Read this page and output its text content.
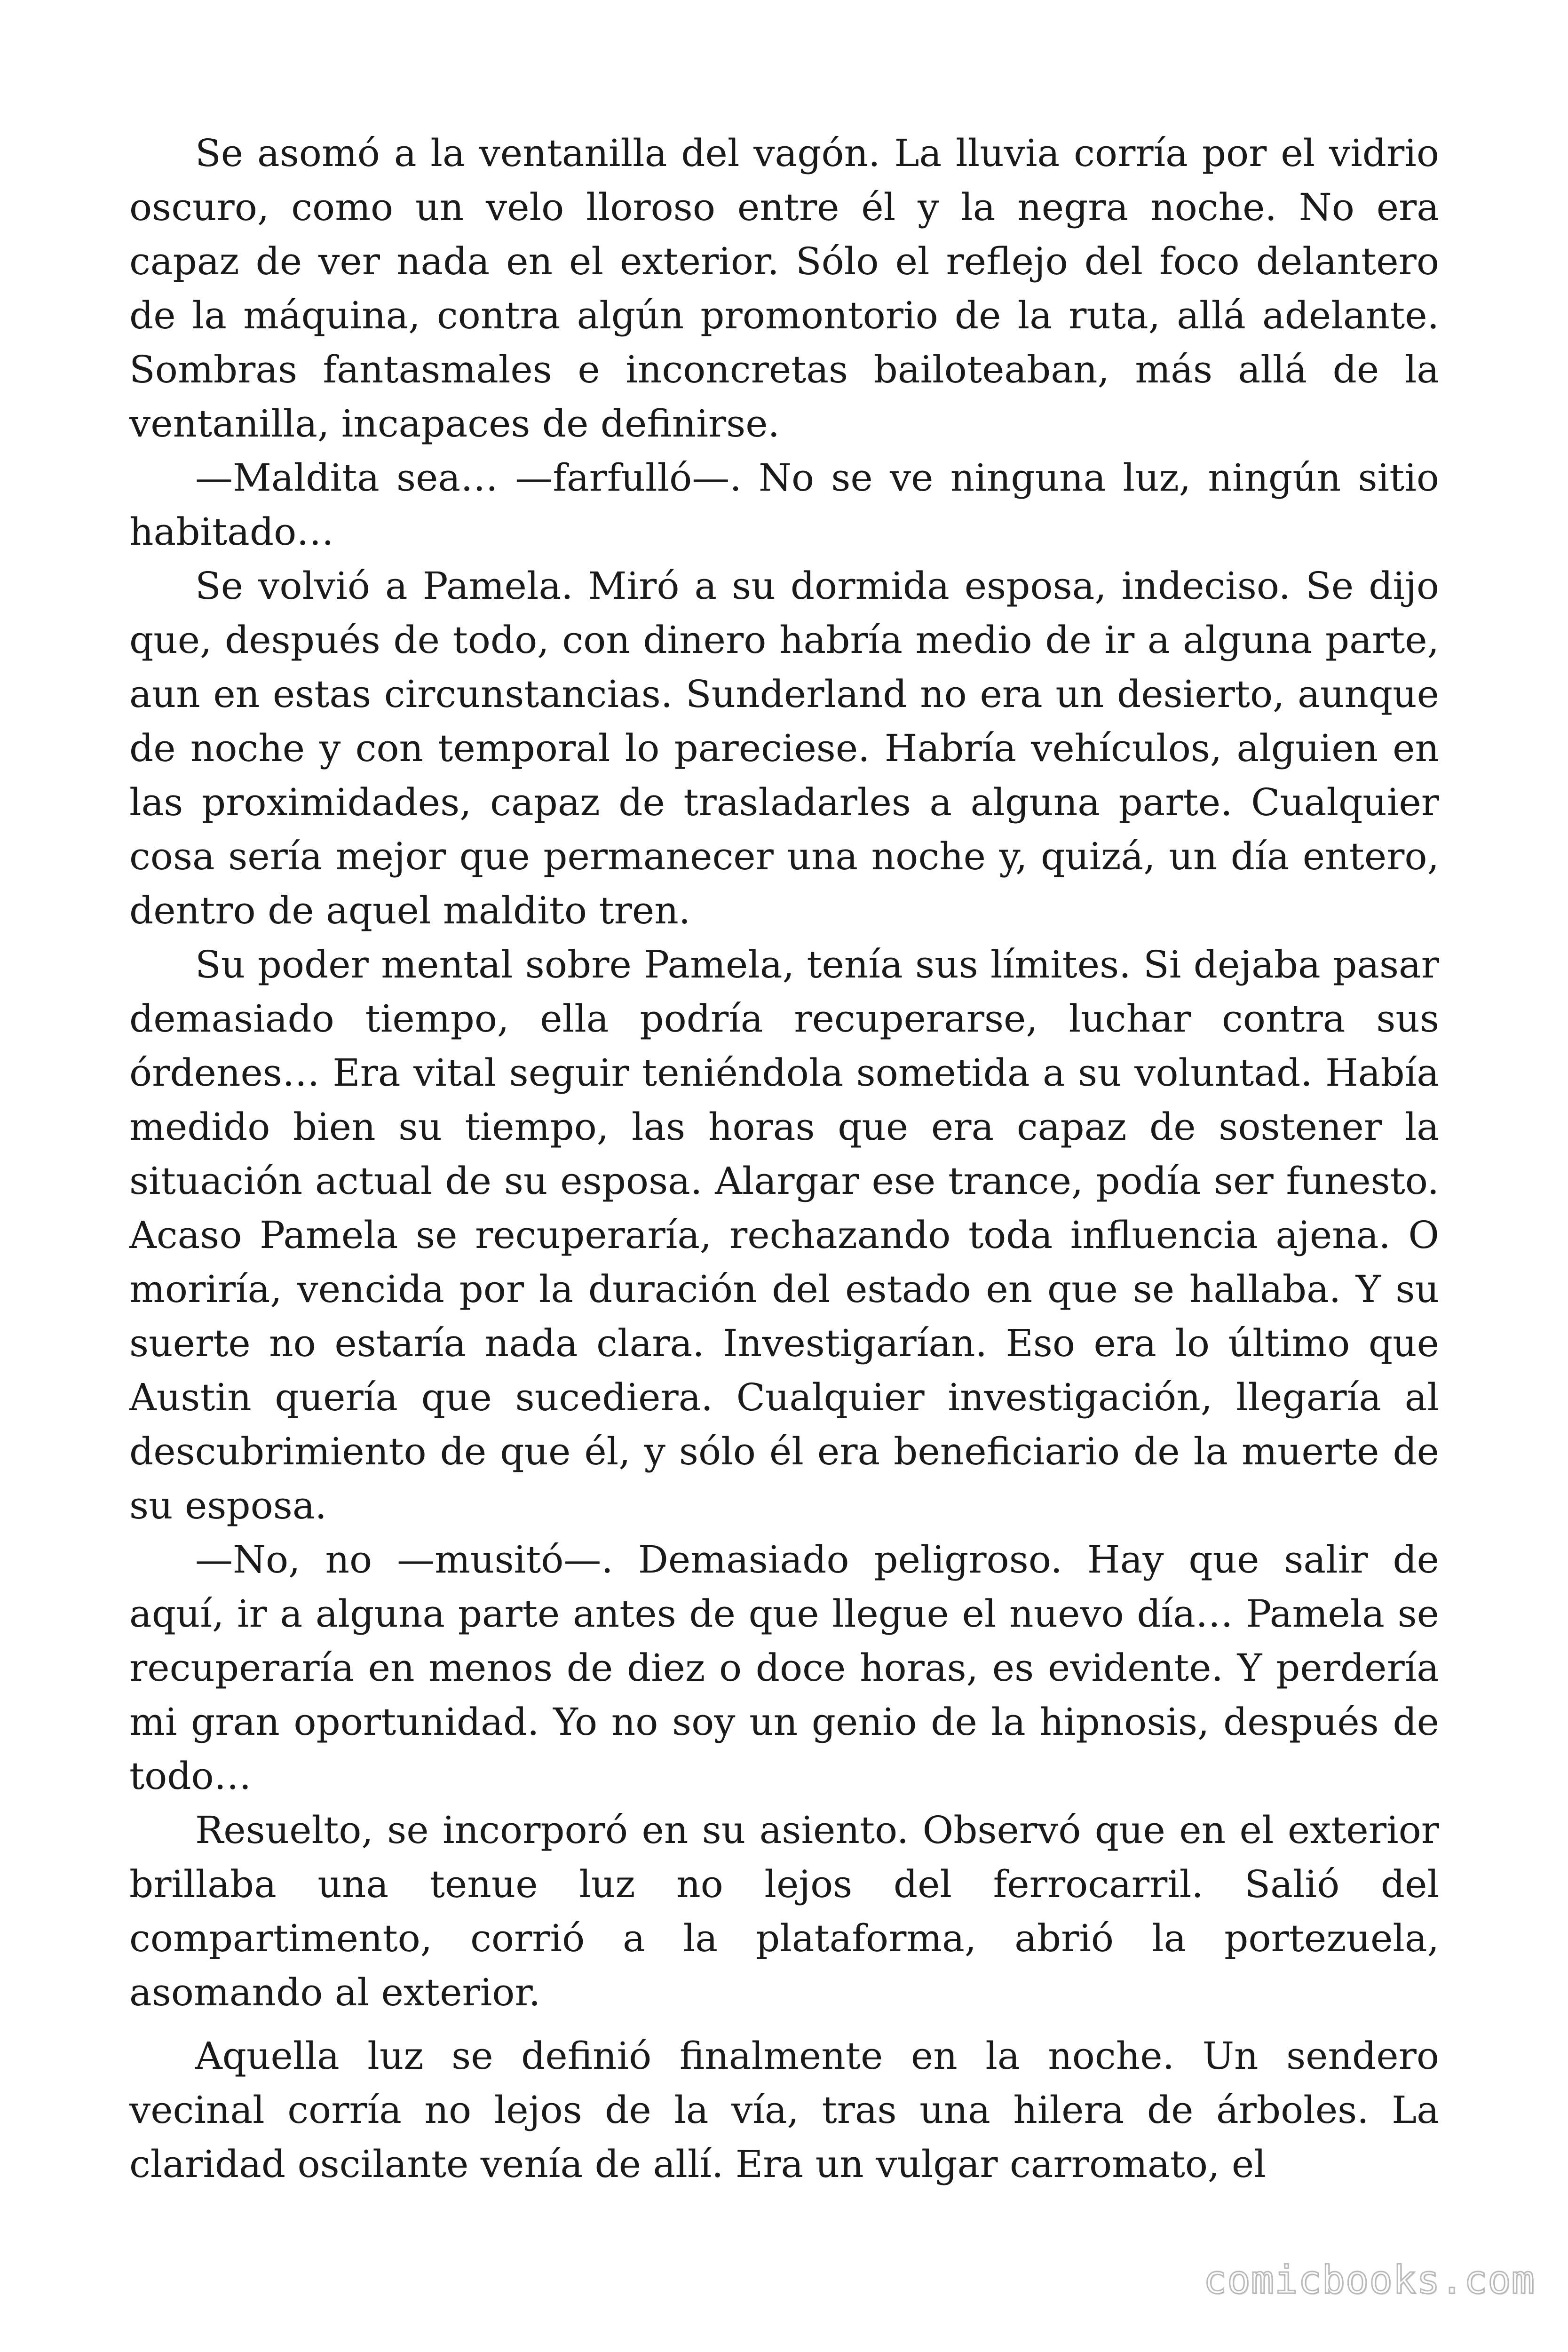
Se asomó a la ventanilla del vagón. La lluvia corría por el vidrio oscuro, como un velo lloroso entre él y la negra noche. No era capaz de ver nada en el exterior. Sólo el reflejo del foco delantero de la máquina, contra algún promontorio de la ruta, allá adelante. Sombras fantasmales e inconcretas bailoteaban, más allá de la ventanilla, incapaces de definirse.

—Maldita sea… —farfulló—. No se ve ninguna luz, ningún sitio habitado…

Se volvió a Pamela. Miró a su dormida esposa, indeciso. Se dijo que, después de todo, con dinero habría medio de ir a alguna parte, aun en estas circunstancias. Sunderland no era un desierto, aunque de noche y con temporal lo pareciese. Habría vehículos, alguien en las proximidades, capaz de trasladarles a alguna parte. Cualquier cosa sería mejor que permanecer una noche y, quizá, un día entero, dentro de aquel maldito tren.

Su poder mental sobre Pamela, tenía sus límites. Si dejaba pasar demasiado tiempo, ella podría recuperarse, luchar contra sus órdenes… Era vital seguir teniéndola sometida a su voluntad. Había medido bien su tiempo, las horas que era capaz de sostener la situación actual de su esposa. Alargar ese trance, podía ser funesto. Acaso Pamela se recuperaría, rechazando toda influencia ajena. O moriría, vencida por la duración del estado en que se hallaba. Y su suerte no estaría nada clara. Investigarían. Eso era lo último que Austin quería que sucediera. Cualquier investigación, llegaría al descubrimiento de que él, y sólo él era beneficiario de la muerte de su esposa.

—No, no —musitó—. Demasiado peligroso. Hay que salir de aquí, ir a alguna parte antes de que llegue el nuevo día… Pamela se recuperaría en menos de diez o doce horas, es evidente. Y perdería mi gran oportunidad. Yo no soy un genio de la hipnosis, después de todo…

Resuelto, se incorporó en su asiento. Observó que en el exterior brillaba una tenue luz no lejos del ferrocarril. Salió del compartimento, corrió a la plataforma, abrió la portezuela, asomando al exterior.

Aquella luz se definió finalmente en la noche. Un sendero vecinal corría no lejos de la vía, tras una hilera de árboles. La claridad oscilante venía de allí. Era un vulgar carromato, el

comicbooks.com
